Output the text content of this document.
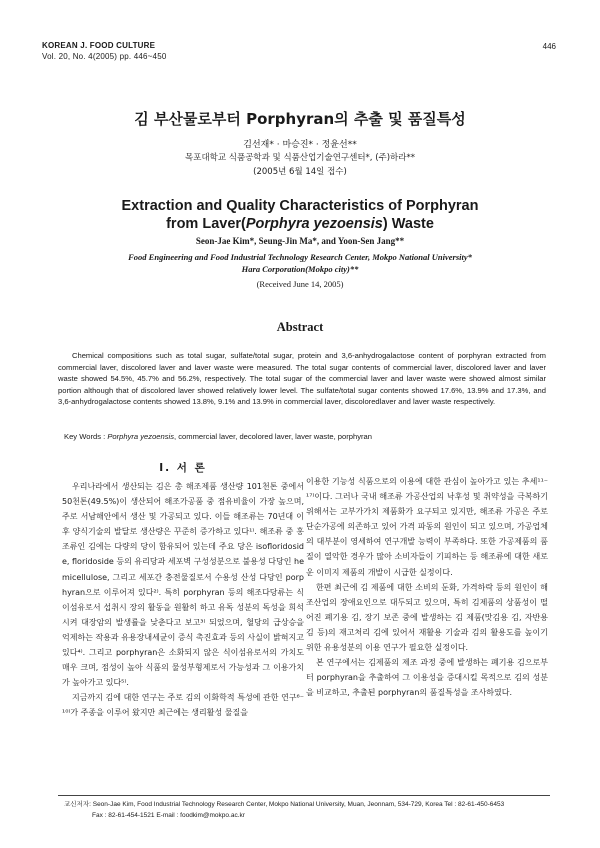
KOREAN J. FOOD CULTURE
Vol. 20, No. 4(2005) pp. 446~450
446
김 부산물로부터 Porphyran의 추출 및 품질특성
김선재* · 마승진* · 정윤선**
목포대학교 식품공학과 및 식품산업기술연구센터*, (주)하라**
(2005년 6월 14일 접수)
Extraction and Quality Characteristics of Porphyran
from Laver(Porphyra yezoensis) Waste
Seon-Jae Kim*, Seung-Jin Ma*, and Yoon-Sen Jang**
Food Engineering and Food Industrial Technology Research Center, Mokpo National University*
Hara Corporation(Mokpo city)**
(Received June 14, 2005)
Abstract
Chemical compositions such as total sugar, sulfate/total sugar, protein and 3,6-anhydrogalactose content of porphyran extracted from commercial laver, discolored laver and laver waste were measured. The total sugar contents of commercial laver, discolored laver and laver waste showed 54.5%, 45.7% and 56.2%, respectively. The total sugar of the commercial laver and laver waste were showed almost similar portion although that of discolored laver showed relatively lower level. The sulfate/total sugar contents showed 17.6%, 13.9% and 17.3%, and 3,6-anhydrogalactose contents showed 13.8%, 9.1% and 13.9% in commercial laver, discoloredlaver and laver waste respectively.
Key Words : Porphyra yezoensis, commercial laver, decolored laver, laver waste, porphyran
I. 서 론

우리나라에서 생산되는 김은 총 해조제품 생산량 101천톤 중에서 50천톤(49.5%)이 생산되어 해조가공품 중 점유비율이 가장 높으며, 주로 서남해안에서 생산 및 가공되고 있다. 이들 해조류는 70년대 이후 양식기술의 발달로 생산량은 꾸준히 증가하고 있다¹⁾. 해조류 중 홍조류인 김에는 다량의 당이 함유되어 있는데 주요 당은 isofloridoside, floridoside 등의 유리당과 세포벽 구성성분으로 불용성 다당인 hemicellulose, 그리고 세포간 충전물질로서 수용성 산성 다당인 porphyran으로 이루어져 있다²⁾. 특히 porphyran 등의 해조다당류는 식이섬유로서 섭취시 장의 활동을 원활히 하고 유독 성분의 독성을 희석시켜 대장암의 발생률을 낮춘다고 보고³⁾ 되었으며, 혈당의 급상승을 억제하는 작용과 유용장내세균이 증식 촉진효과 등의 사실이 밝혀지고 있다⁴⁾. 그리고 porphyran은 소화되지 않은 식이섬유로서의 가치도 매우 크며, 점성이 높아 식품의 물성부형제로서 가능성과 그 이용가치가 높아가고 있다⁵⁾.

지금까지 김에 대한 연구는 주로 김의 이화학적 특성에 관한 연구⁶⁻¹⁰⁾가 주종을 이루어 왔지만 최근에는 생리활성 물질을

이용한 기능성 식품으로의 이용에 대한 관심이 높아가고 있는 추세¹¹⁻¹⁷⁾이다. 그러나 국내 해조류 가공산업의 낙후성 및 취약성을 극복하기 위해서는 고부가가치 제품화가 요구되고 있지만, 해조류 가공은 주로 단순가공에 의존하고 있어 가격 파동의 원인이 되고 있으며, 가공업체의 대부분이 영세하여 연구개발 능력이 부족하다. 또한 가공제품의 품질이 열악한 경우가 많아 소비자들이 기피하는 등 해조류에 대한 새로운 이미지 제품의 개발이 시급한 실정이다.

한편 최근에 김 제품에 대한 소비의 둔화, 가격하락 등의 원인이 해조산업의 장애요인으로 대두되고 있으며, 특히 김제품의 상품성이 떨어진 폐기용 김, 장기 보존 중에 발생하는 김 제품(맛김용 김, 자반용 김 등)의 재고처리 김에 있어서 재활용 기술과 김의 활용도를 높이기 위한 유용성분의 이용 연구가 필요한 실정이다.

본 연구에서는 김제품의 제조 과정 중에 발생하는 폐기용 김으로부터 porphyran을 추출하여 그 이용성을 증대시킬 목적으로 김의 성분을 비교하고, 추출된 porphyran의 품질특성을 조사하였다.

교신저자: Seon-Jae Kim, Food Industrial Technology Research Center, Mokpo National University, Muan, Jeonnam, 534-729, Korea Tel : 82-61-450-6453
Fax : 82-61-454-1521 E-mail : foodkim@mokpo.ac.kr
